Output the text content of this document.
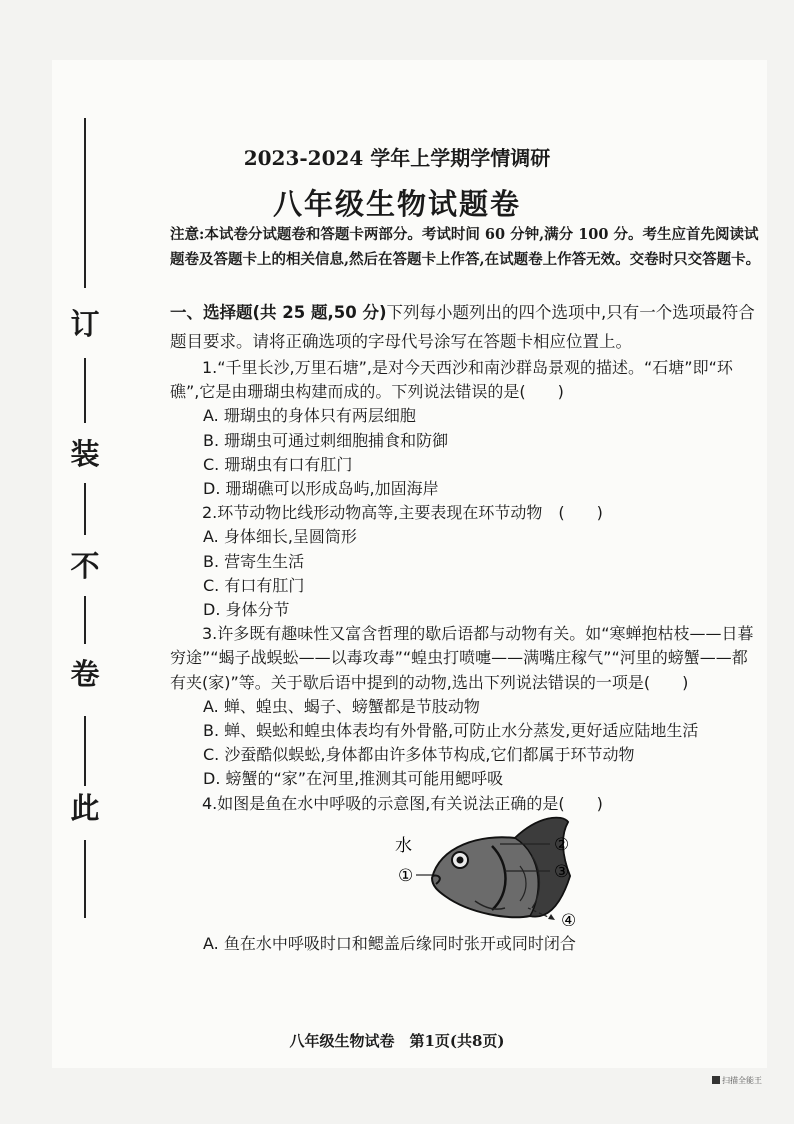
订
装
不
卷
此
2023-2024 学年上学期学情调研
八年级生物试题卷
注意:本试卷分试题卷和答题卡两部分。考试时间 60 分钟,满分 100 分。考生应首先阅读试题卷及答题卡上的相关信息,然后在答题卡上作答,在试题卷上作答无效。交卷时只交答题卡。

一、选择题(共 25 题,50 分)下列每小题列出的四个选项中,只有一个选项最符合题目要求。请将正确选项的字母代号涂写在答题卡相应位置上。

1.“千里长沙,万里石塘”,是对今天西沙和南沙群岛景观的描述。“石塘”即“环礁”,它是由珊瑚虫构建而成的。下列说法错误的是(　　)

A. 珊瑚虫的身体只有两层细胞

B. 珊瑚虫可通过刺细胞捕食和防御

C. 珊瑚虫有口有肛门

D. 珊瑚礁可以形成岛屿,加固海岸

2.环节动物比线形动物高等,主要表现在环节动物　(　　)

A. 身体细长,呈圆筒形

B. 营寄生生活

C. 有口有肛门

D. 身体分节

3.许多既有趣味性又富含哲理的歇后语都与动物有关。如“寒蝉抱枯枝——日暮穷途”“蝎子战蜈蚣——以毒攻毒”“蝗虫打喷嚏——满嘴庄稼气”“河里的螃蟹——都有夹(家)”等。关于歇后语中提到的动物,选出下列说法错误的一项是(　　)

A. 蝉、蝗虫、蝎子、螃蟹都是节肢动物

B. 蝉、蜈蚣和蝗虫体表均有外骨骼,可防止水分蒸发,更好适应陆地生活

C. 沙蚕酷似蜈蚣,身体都由许多体节构成,它们都属于环节动物

D. 螃蟹的“家”在河里,推测其可能用鳃呼吸

4.如图是鱼在水中呼吸的示意图,有关说法正确的是(　　)

水
①
②
③
④

A. 鱼在水中呼吸时口和鳃盖后缘同时张开或同时闭合

八年级生物试卷　第1页(共8页)
扫描全能王
